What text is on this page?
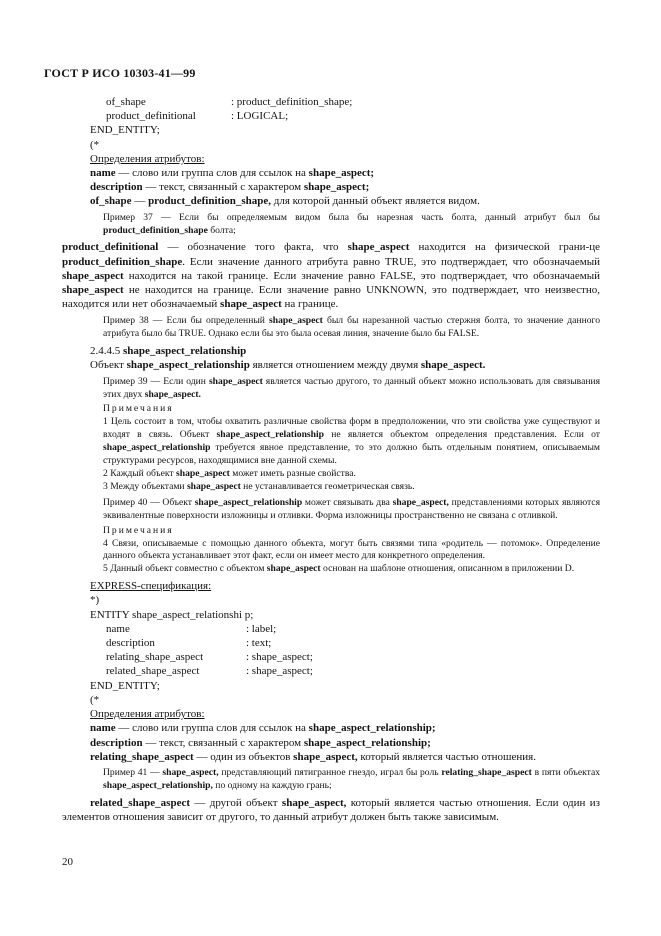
ГОСТ Р ИСО 10303-41—99
of_shape	: product_definition_shape;
product_definitional	: LOGICAL;

END_ENTITY;

(*

Определения атрибутов:

name — слово или группа слов для ссылок на shape_aspect;

description — текст, связанный с характером shape_aspect;

of_shape — product_definition_shape, для которой данный объект является видом.

Пример 37 — Если бы определяемым видом была бы нарезная часть болта, данный атрибут был бы product_definition_shape болта;

product_definitional — обозначение того факта, что shape_aspect находится на физической грани-це product_definition_shape. Если значение данного атрибута равно TRUE, это подтверждает, что обозначаемый shape_aspect находится на такой границе. Если значение равно FALSE, это подтверждает, что обозначаемый shape_aspect не находится на границе. Если значение равно UNKNOWN, это подтверждает, что неизвестно, находится или нет обозначаемый shape_aspect на границе.

Пример 38 — Если бы определенный shape_aspect был бы нарезанной частью стержня болта, то значение данного атрибута было бы TRUE. Однако если бы это была осевая линия, значение было бы FALSE.

2.4.4.5 shape_aspect_relationship

Объект shape_aspect_relationship является отношением между двумя shape_aspect.

Пример 39 — Если один shape_aspect является частью другого, то данный объект можно использовать для связывания этих двух shape_aspect.

Примечания

1 Цель состоит в том, чтобы охватить различные свойства форм в предположении, что эти свойства уже существуют и входят в связь. Объект shape_aspect_relationship не является объектом определения представления. Если от shape_aspect_relationship требуется явное представление, то это должно быть отдельным понятием, описываемым структурами ресурсов, находящимися вне данной схемы.

2 Каждый объект shape_aspect может иметь разные свойства.

3 Между объектами shape_aspect не устанавливается геометрическая связь.

Пример 40 — Объект shape_aspect_relationship может связывать два shape_aspect, представлениями которых являются эквивалентные поверхности изложницы и отливки. Форма изложницы пространственно не связана с отливкой.

Примечания

4 Связи, описываемые с помощью данного объекта, могут быть связями типа «родитель — потомок». Определение данного объекта устанавливает этот факт, если он имеет место для конкретного определения.

5 Данный объект совместно с объектом shape_aspect основан на шаблоне отношения, описанном в приложении D.

EXPRESS-спецификация:

*)

ENTITY shape_aspect_relationshi p;

name	: label;
description	: text;
relating_shape_aspect	: shape_aspect;
related_shape_aspect	: shape_aspect;

END_ENTITY;

(*

Определения атрибутов:

name — слово или группа слов для ссылок на shape_aspect_relationship;

description — текст, связанный с характером shape_aspect_relationship;

relating_shape_aspect — один из объектов shape_aspect, который является частью отношения.

Пример 41 — shape_aspect, представляющий пятигранное гнездо, играл бы роль relating_shape_aspect в пяти объектах shape_aspect_relationship, по одному на каждую грань;

related_shape_aspect — другой объект shape_aspect, который является частью отношения. Если один из элементов отношения зависит от другого, то данный атрибут должен быть также зависимым.

20
